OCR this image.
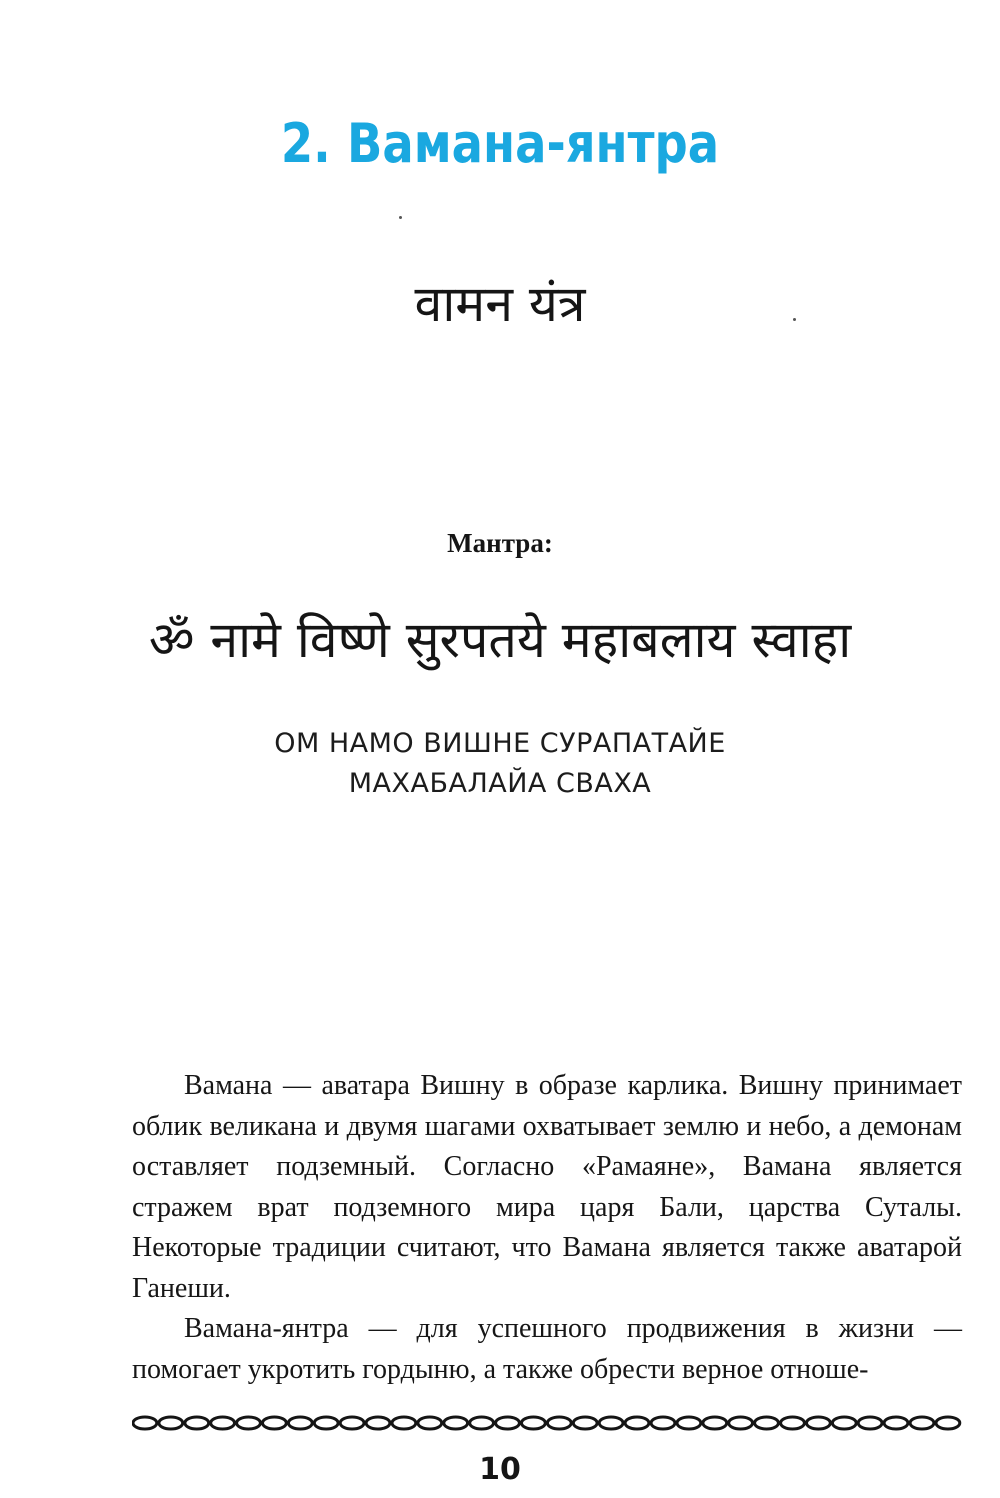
2. Вамана-янтра
वामन यंत्र
Мантра:
ॐ नामे विष्णे सुरपतये महाबलाय स्वाहा
ОМ НАМО ВИШНЕ СУРАПАТАЙЕ
МАХАБАЛАЙА СВАХА

Вамана — аватара Вишну в образе карлика. Вишну принимает облик великана и двумя шагами охватывает землю и небо, а демонам оставляет подземный. Согласно «Рамаяне», Вамана является стражем врат подземного мира царя Бали, царства Суталы. Некоторые традиции считают, что Вамана является также аватарой Ганеши.

Вамана-янтра — для успешного продвижения в жизни — помогает укротить гордыню, а также обрести верное отноше-

10
